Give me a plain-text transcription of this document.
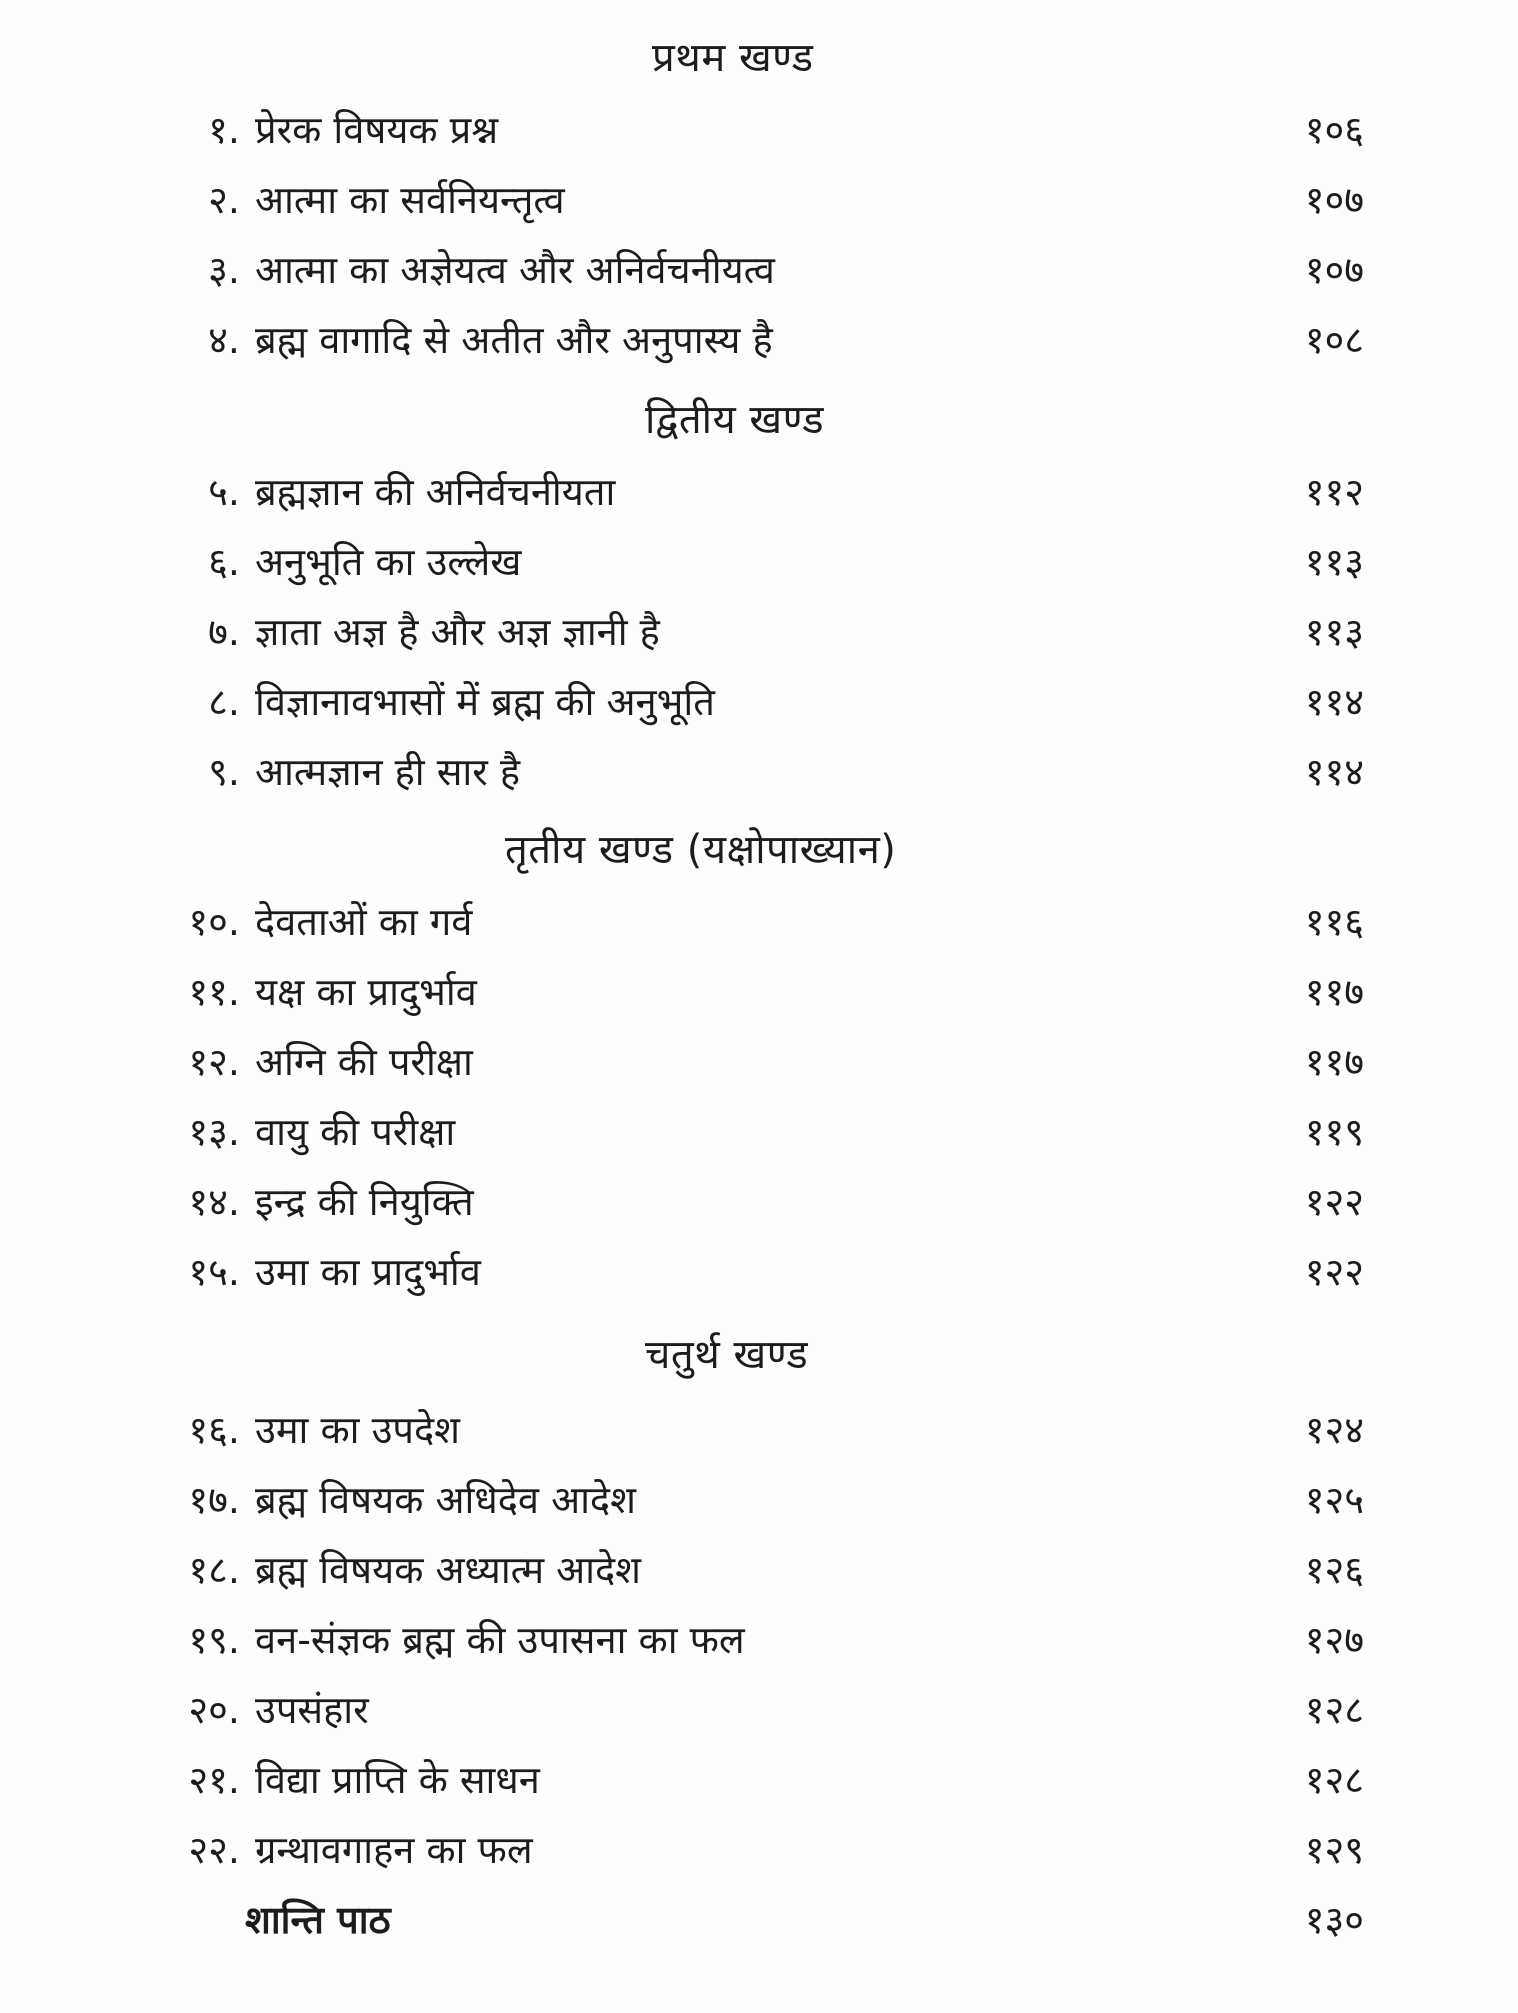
प्रथम खण्ड
१. प्रेरक विषयक प्रश्न	१०६
२. आत्मा का सर्वनियन्तृत्व	१०७
३. आत्मा का अज्ञेयत्व और अनिर्वचनीयत्व	१०७
४. ब्रह्म वागादि से अतीत और अनुपास्य है	१०८
द्वितीय खण्ड
५. ब्रह्मज्ञान की अनिर्वचनीयता	११२
६. अनुभूति का उल्लेख	११३
७. ज्ञाता अज्ञ है और अज्ञ ज्ञानी है	११३
८. विज्ञानावभासों में ब्रह्म की अनुभूति	११४
९. आत्मज्ञान ही सार है	११४
तृतीय खण्ड (यक्षोपाख्यान)
१०. देवताओं का गर्व	११६
११. यक्ष का प्रादुर्भाव	११७
१२. अग्नि की परीक्षा	११७
१३. वायु की परीक्षा	११९
१४. इन्द्र की नियुक्ति	१२२
१५. उमा का प्रादुर्भाव	१२२
चतुर्थ खण्ड
१६. उमा का उपदेश	१२४
१७. ब्रह्म विषयक अधिदेव आदेश	१२५
१८. ब्रह्म विषयक अध्यात्म आदेश	१२६
१९. वन-संज्ञक ब्रह्म की उपासना का फल	१२७
२०. उपसंहार	१२८
२१. विद्या प्राप्ति के साधन	१२८
२२. ग्रन्थावगाहन का फल	१२९
शान्ति पाठ	१३०
